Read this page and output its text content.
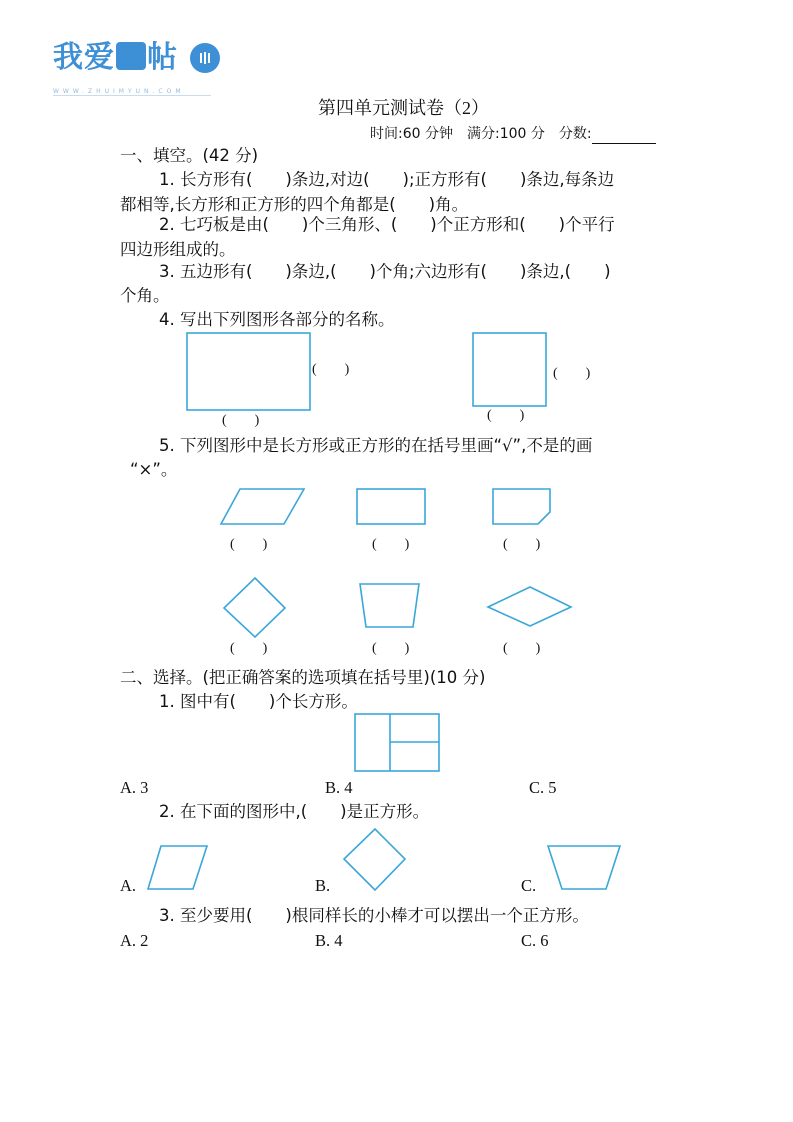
我爱 帖
WWW.ZHUIMYUN.COM
第四单元测试卷（2）
时间:60 分钟　满分:100 分　分数:
一、填空。(42 分)
1. 长方形有(　　)条边,对边(　　);正方形有(　　)条边,每条边
都相等,长方形和正方形的四个角都是(　　)角。
2. 七巧板是由(　　)个三角形、(　　)个正方形和(　　)个平行
四边形组成的。
3. 五边形有(　　)条边,(　　)个角;六边形有(　　)条边,(　　)
个角。
4. 写出下列图形各部分的名称。
(　　)
(　　)
(　　)
(　　)
5. 下列图形中是长方形或正方形的在括号里画“√”,不是的画
“×”。
(　　)	(　　)	(　　)
(　　)	(　　)	(　　)
二、选择。(把正确答案的选项填在括号里)(10 分)
1. 图中有(　　)个长方形。
A. 3	B. 4	C. 5
2. 在下面的图形中,(　　)是正方形。
A.	B.	C.
3. 至少要用(　　)根同样长的小棒才可以摆出一个正方形。
A. 2	B. 4	C. 6
